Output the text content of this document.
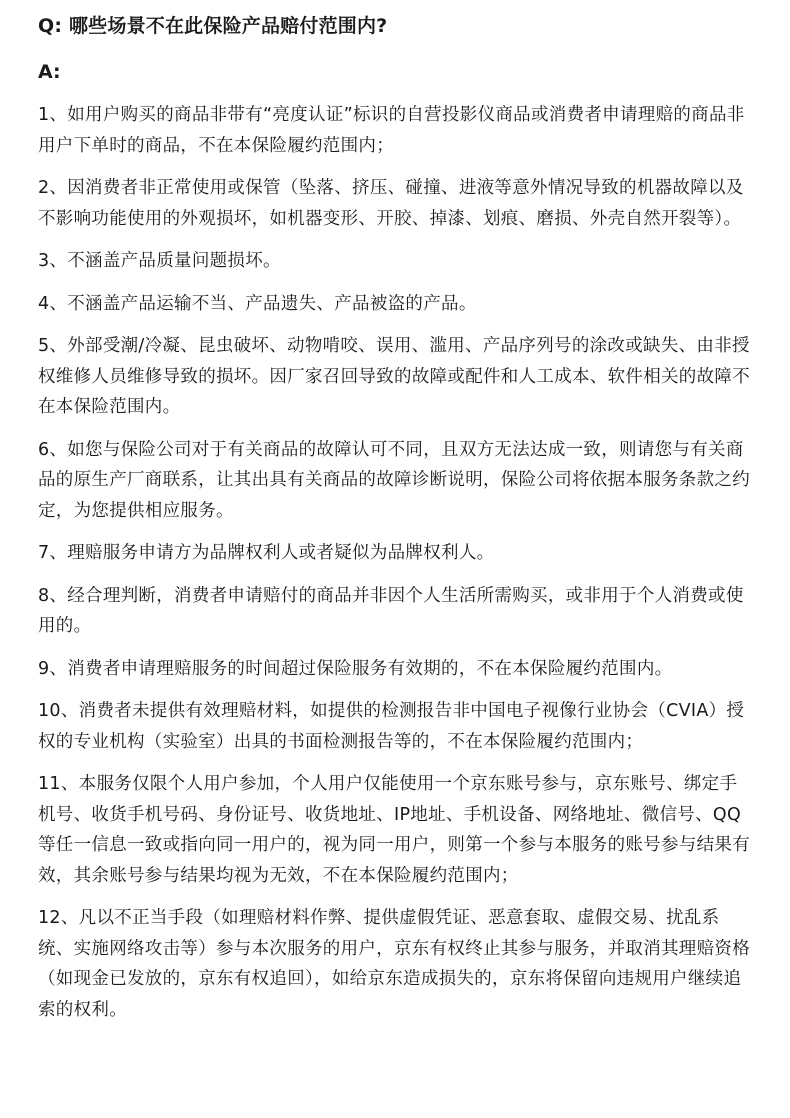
Q: 哪些场景不在此保险产品赔付范围内?
A:
1、如用户购买的商品非带有“亮度认证”标识的自营投影仪商品或消费者申请理赔的商品非用户下单时的商品，不在本保险履约范围内；
2、因消费者非正常使用或保管（坠落、挤压、碰撞、进液等意外情况导致的机器故障以及不影响功能使用的外观损坏，如机器变形、开胶、掉漆、划痕、磨损、外壳自然开裂等）。
3、不涵盖产品质量问题损坏。
4、不涵盖产品运输不当、产品遗失、产品被盗的产品。
5、外部受潮/冷凝、昆虫破坏、动物啃咬、误用、滥用、产品序列号的涂改或缺失、由非授权维修人员维修导致的损坏。因厂家召回导致的故障或配件和人工成本、软件相关的故障不在本保险范围内。
6、如您与保险公司对于有关商品的故障认可不同，且双方无法达成一致，则请您与有关商品的原生产厂商联系，让其出具有关商品的故障诊断说明，保险公司将依据本服务条款之约定，为您提供相应服务。
7、理赔服务申请方为品牌权利人或者疑似为品牌权利人。
8、经合理判断，消费者申请赔付的商品并非因个人生活所需购买，或非用于个人消费或使用的。
9、消费者申请理赔服务的时间超过保险服务有效期的，不在本保险履约范围内。
10、消费者未提供有效理赔材料，如提供的检测报告非中国电子视像行业协会（CVIA）授权的专业机构（实验室）出具的书面检测报告等的，不在本保险履约范围内；
11、本服务仅限个人用户参加，个人用户仅能使用一个京东账号参与，京东账号、绑定手机号、收货手机号码、身份证号、收货地址、IP地址、手机设备、网络地址、微信号、QQ等任一信息一致或指向同一用户的，视为同一用户，则第一个参与本服务的账号参与结果有效，其余账号参与结果均视为无效，不在本保险履约范围内；
12、凡以不正当手段（如理赔材料作弊、提供虚假凭证、恶意套取、虚假交易、扰乱系统、实施网络攻击等）参与本次服务的用户，京东有权终止其参与服务，并取消其理赔资格（如现金已发放的，京东有权追回），如给京东造成损失的，京东将保留向违规用户继续追索的权利。
